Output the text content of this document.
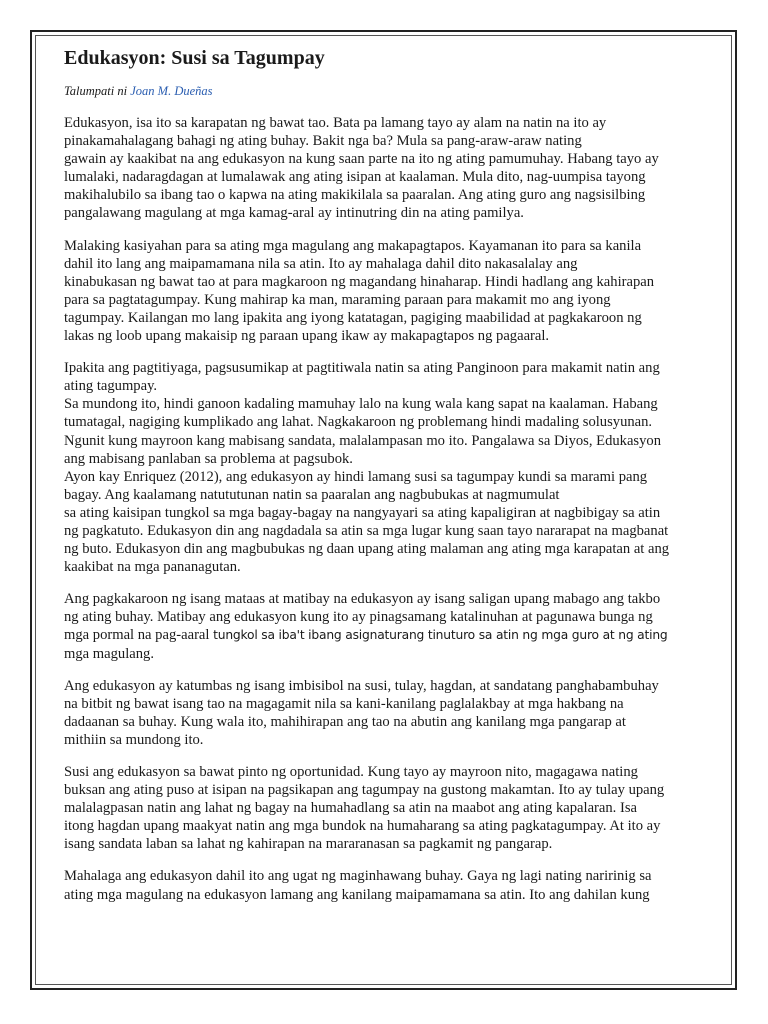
Edukasyon: Susi sa Tagumpay

Talumpati ni Joan M. Dueñas

Edukasyon, isa ito sa karapatan ng bawat tao. Bata pa lamang tayo ay alam na natin na ito ay
pinakamahalagang bahagi ng ating buhay. Bakit nga ba? Mula sa pang-araw-araw nating
gawain ay kaakibat na ang edukasyon na kung saan parte na ito ng ating pamumuhay. Habang tayo ay
lumalaki, nadaragdagan at lumalawak ang ating isipan at kaalaman. Mula dito, nag-uumpisa tayong
makihalubilo sa ibang tao o kapwa na ating makikilala sa paaralan. Ang ating guro ang nagsisilbing
pangalawang magulang at mga kamag-aral ay intinutring din na ating pamilya.
Malaking kasiyahan para sa ating mga magulang ang makapagtapos. Kayamanan ito para sa kanila
dahil ito lang ang maipamamana nila sa atin. Ito ay mahalaga dahil dito nakasalalay ang
kinabukasan ng bawat tao at para magkaroon ng magandang hinaharap. Hindi hadlang ang kahirapan
para sa pagtatagumpay. Kung mahirap ka man, maraming paraan para makamit mo ang iyong
tagumpay. Kailangan mo lang ipakita ang iyong katatagan, pagiging maabilidad at pagkakaroon ng
lakas ng loob upang makaisip ng paraan upang ikaw ay makapagtapos ng pagaaral.
Ipakita ang pagtitiyaga, pagsusumikap at pagtitiwala natin sa ating Panginoon para makamit natin ang
ating tagumpay.
Sa mundong ito, hindi ganoon kadaling mamuhay lalo na kung wala kang sapat na kaalaman. Habang
tumatagal, nagiging kumplikado ang lahat. Nagkakaroon ng problemang hindi madaling solusyunan.
Ngunit kung mayroon kang mabisang sandata, malalampasan mo ito. Pangalawa sa Diyos, Edukasyon
ang mabisang panlaban sa problema at pagsubok.
Ayon kay Enriquez (2012), ang edukasyon ay hindi lamang susi sa tagumpay kundi sa marami pang
bagay. Ang kaalamang natututunan natin sa paaralan ang nagbubukas at nagmumulat
sa ating kaisipan tungkol sa mga bagay-bagay na nangyayari sa ating kapaligiran at nagbibigay sa atin
ng pagkatuto. Edukasyon din ang nagdadala sa atin sa mga lugar kung saan tayo nararapat na magbanat
ng buto. Edukasyon din ang magbubukas ng daan upang ating malaman ang ating mga karapatan at ang
kaakibat na mga pananagutan.
Ang pagkakaroon ng isang mataas at matibay na edukasyon ay isang saligan upang mabago ang takbo
ng ating buhay. Matibay ang edukasyon kung ito ay pinagsamang katalinuhan at pagunawa bunga ng
mga pormal na pag-aaral tungkol sa iba't ibang asignaturang tinuturo sa atin ng mga guro at ng ating
mga magulang.
Ang edukasyon ay katumbas ng isang imbisibol na susi, tulay, hagdan, at sandatang panghabambuhay
na bitbit ng bawat isang tao na magagamit nila sa kani-kanilang paglalakbay at mga hakbang na
dadaanan sa buhay. Kung wala ito, mahihirapan ang tao na abutin ang kanilang mga pangarap at
mithiin sa mundong ito.
Susi ang edukasyon sa bawat pinto ng oportunidad. Kung tayo ay mayroon nito, magagawa nating
buksan ang ating puso at isipan na pagsikapan ang tagumpay na gustong makamtan. Ito ay tulay upang
malalagpasan natin ang lahat ng bagay na humahadlang sa atin na maabot ang ating kapalaran. Isa
itong hagdan upang maakyat natin ang mga bundok na humaharang sa ating pagkatagumpay. At ito ay
isang sandata laban sa lahat ng kahirapan na mararanasan sa pagkamit ng pangarap.
Mahalaga ang edukasyon dahil ito ang ugat ng maginhawang buhay. Gaya ng lagi nating naririnig sa
ating mga magulang na edukasyon lamang ang kanilang maipamamana sa atin. Ito ang dahilan kung
